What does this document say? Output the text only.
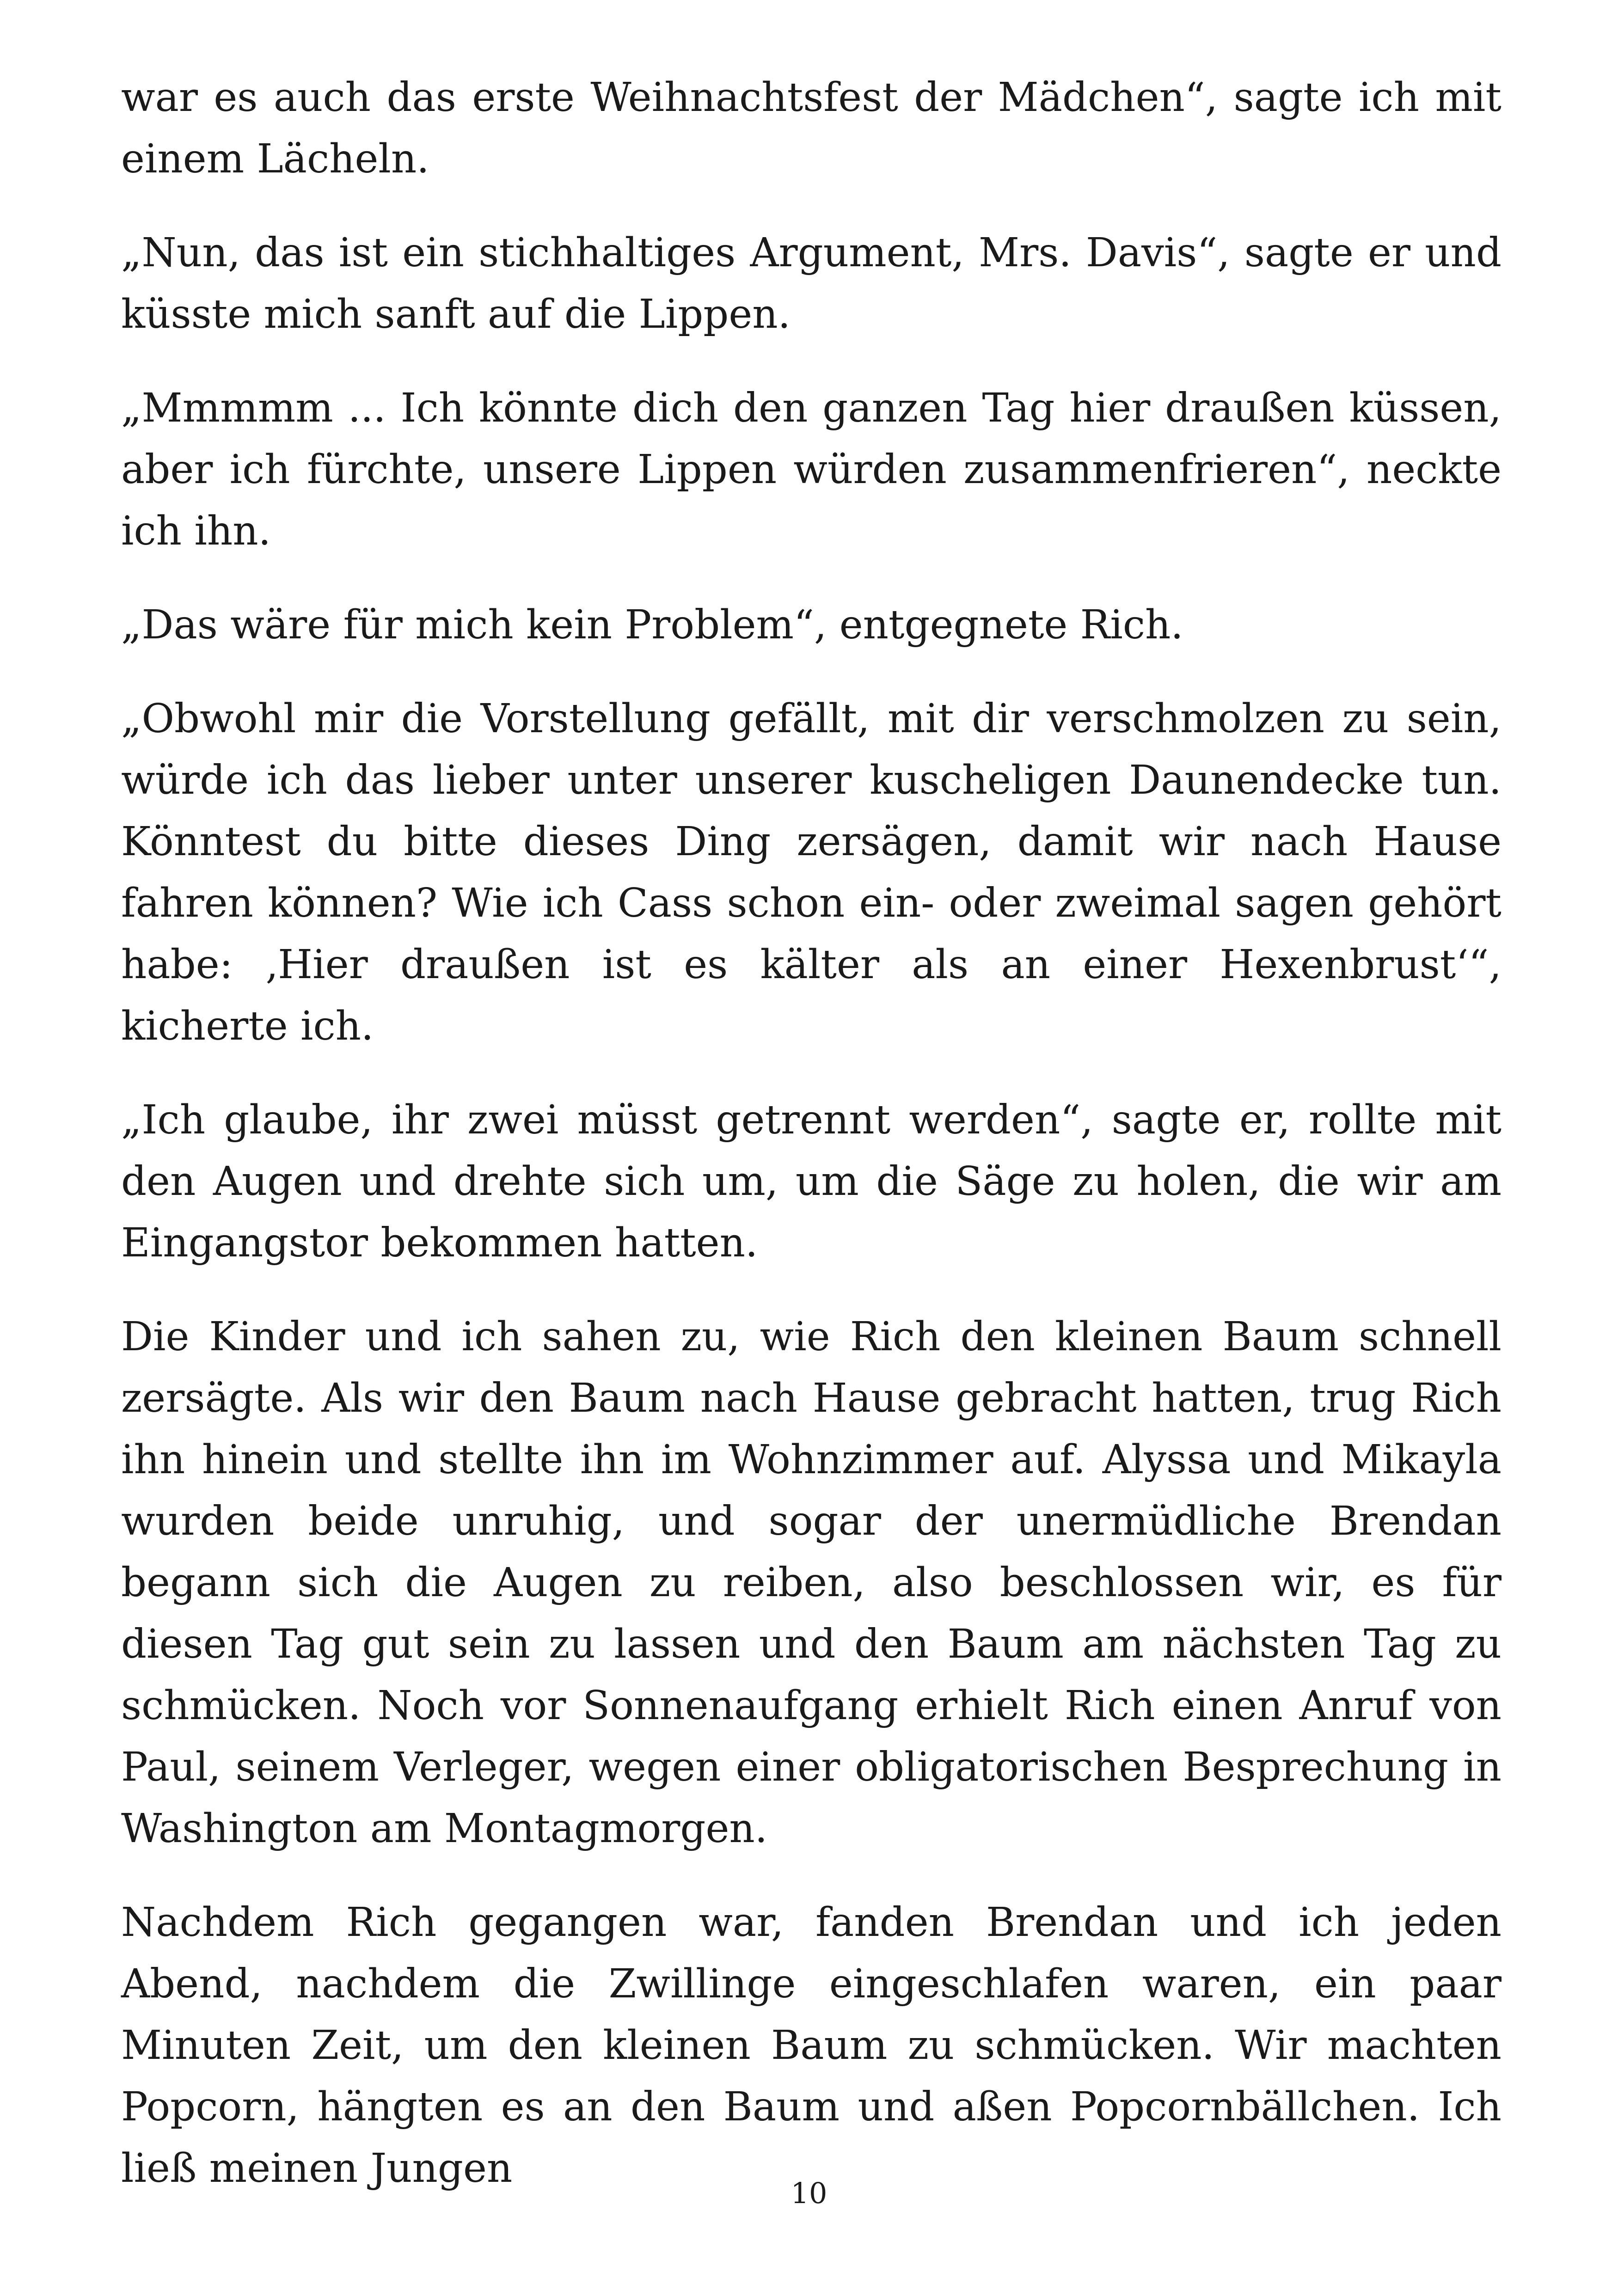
war es auch das erste Weihnachtsfest der Mädchen“, sagte ich mit einem Lächeln.

„Nun, das ist ein stichhaltiges Argument, Mrs. Davis“, sagte er und küsste mich sanft auf die Lippen.

„Mmmmm ... Ich könnte dich den ganzen Tag hier draußen küssen, aber ich fürchte, unsere Lippen würden zusammenfrieren“, neckte ich ihn.

„Das wäre für mich kein Problem“, entgegnete Rich.

„Obwohl mir die Vorstellung gefällt, mit dir verschmolzen zu sein, würde ich das lieber unter unserer kuscheligen Daunendecke tun. Könntest du bitte dieses Ding zersägen, damit wir nach Hause fahren können? Wie ich Cass schon ein- oder zweimal sagen gehört habe: ‚Hier draußen ist es kälter als an einer Hexenbrust‘“, kicherte ich.

„Ich glaube, ihr zwei müsst getrennt werden“, sagte er, rollte mit den Augen und drehte sich um, um die Säge zu holen, die wir am Eingangstor bekommen hatten.

Die Kinder und ich sahen zu, wie Rich den kleinen Baum schnell zersägte. Als wir den Baum nach Hause gebracht hatten, trug Rich ihn hinein und stellte ihn im Wohnzimmer auf. Alyssa und Mikayla wurden beide unruhig, und sogar der unermüdliche Brendan begann sich die Augen zu reiben, also beschlossen wir, es für diesen Tag gut sein zu lassen und den Baum am nächsten Tag zu schmücken. Noch vor Sonnenaufgang erhielt Rich einen Anruf von Paul, seinem Verleger, wegen einer obligatorischen Besprechung in Washington am Montagmorgen.

Nachdem Rich gegangen war, fanden Brendan und ich jeden Abend, nachdem die Zwillinge eingeschlafen waren, ein paar Minuten Zeit, um den kleinen Baum zu schmücken. Wir machten Popcorn, hängten es an den Baum und aßen Popcornbällchen. Ich ließ meinen Jungen

10
